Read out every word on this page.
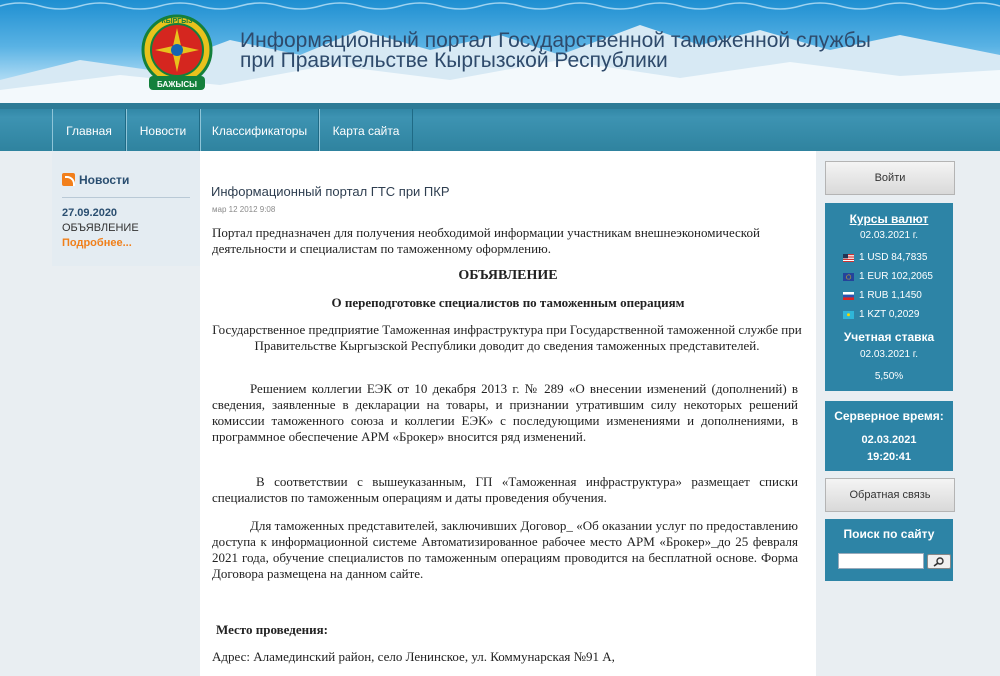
БАЖЫСЫ
КЫРГЫЗ
Информационный портал Государственной таможенной службы
при Правительстве Кыргызской Республики
Главная	Новости	Классификаторы	Карта сайта
Новости
27.09.2020
ОБЪЯВЛЕНИЕ
Подробнее...
Информационный портал ГТС при ПКР
мар 12 2012 9:08
Портал предназначен для получения необходимой информации участникам внешнеэкономической деятельности и специалистам по таможенному оформлению.
ОБЪЯВЛЕНИЕ
О переподготовке специалистов по таможенным операциям
Государственное предприятие Таможенная инфраструктура при Государственной таможенной службе при Правительстве Кыргызской Республики доводит до сведения таможенных представителей.
Решением коллегии ЕЭК от 10 декабря 2013 г. № 289 «О внесении изменений (дополнений) в сведения, заявленные в декларации на товары, и признании утратившим силу некоторых решений комиссии таможенного союза и коллегии ЕЭК» с последующими изменениями и дополнениями, в программное обеспечение АРМ «Брокер» вносится ряд изменений.
В соответствии с вышеуказанным, ГП «Таможенная инфраструктура» размещает списки специалистов по таможенным операциям и даты проведения обучения.
Для таможенных представителей, заключивших Договор_ «Об оказании услуг по предоставлению доступа к информационной системе Автоматизированное рабочее место АРМ «Брокер»_до 25 февраля 2021 года, обучение специалистов по таможенным операциям проводится на бесплатной основе. Форма Договора размещена на данном сайте.
Место проведения:
Адрес: Аламединский район, село Ленинское, ул. Коммунарская №91 А,
Войти
Курсы валют
02.03.2021 г.
1 USD 84,7835
1 EUR 102,2065
1 RUB 1,1450
1 KZT 0,2029
Учетная ставка
02.03.2021 г.
5,50%
Серверное время:
02.03.2021
19:20:41
Обратная связь
Поиск по сайту
